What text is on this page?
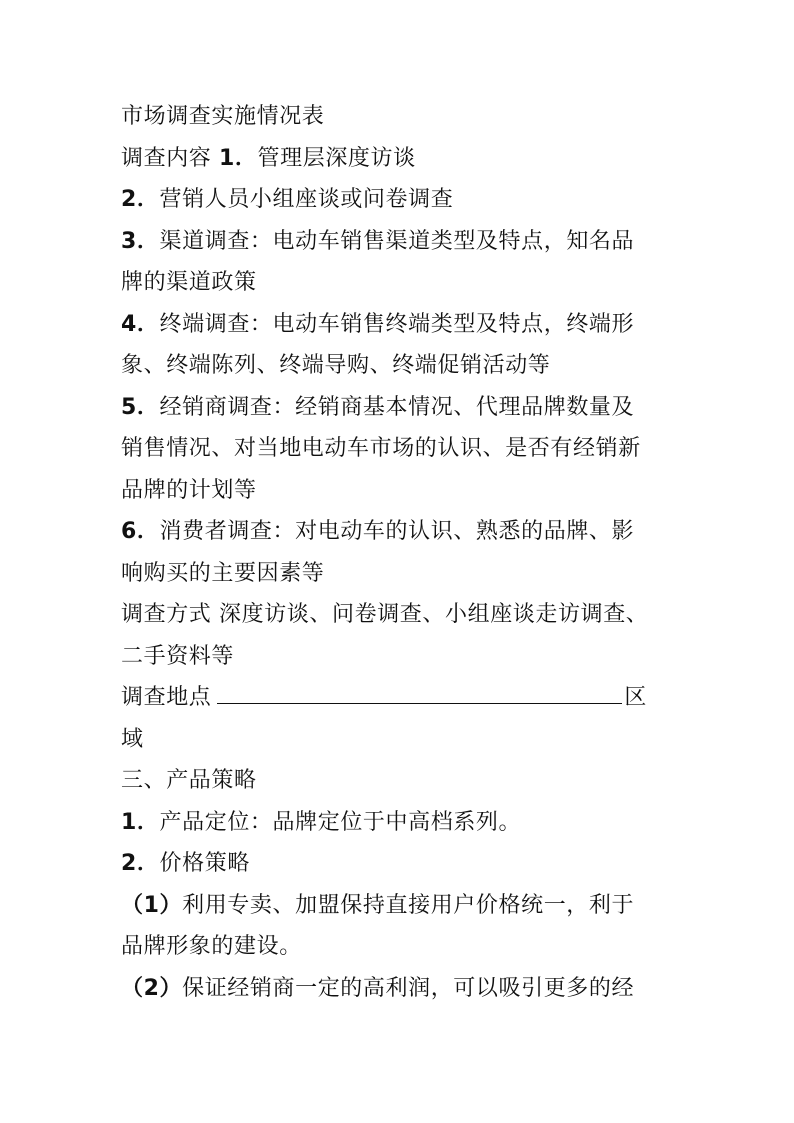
市场调查实施情况表
调查内容 1．管理层深度访谈
2．营销人员小组座谈或问卷调查
3．渠道调查：电动车销售渠道类型及特点，知名品
牌的渠道政策
4．终端调查：电动车销售终端类型及特点，终端形
象、终端陈列、终端导购、终端促销活动等
5．经销商调查：经销商基本情况、代理品牌数量及
销售情况、对当地电动车市场的认识、是否有经销新
品牌的计划等
6．消费者调查：对电动车的认识、熟悉的品牌、影
响购买的主要因素等
调查方式 深度访谈、问卷调查、小组座谈走访调查、
二手资料等
调查地点	区
域
三、产品策略
1．产品定位：品牌定位于中高档系列。
2．价格策略
（1）利用专卖、加盟保持直接用户价格统一，利于
品牌形象的建设。
（2）保证经销商一定的高利润，可以吸引更多的经
